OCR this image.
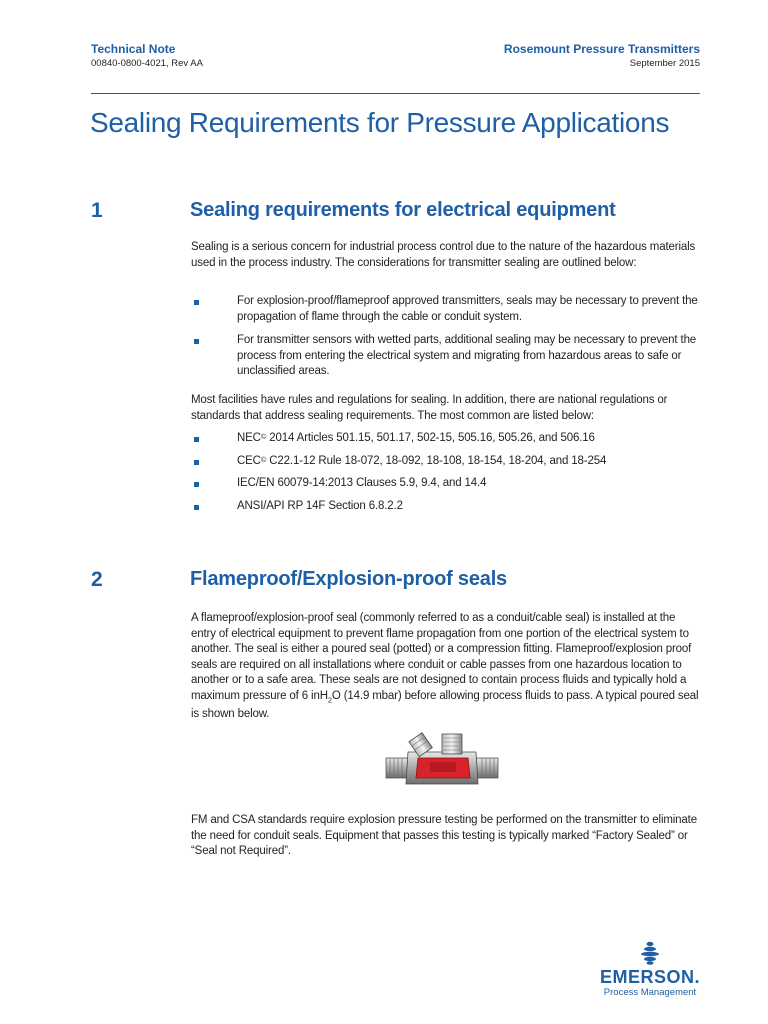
Technical Note
00840-0800-4021, Rev AA
Rosemount Pressure Transmitters
September 2015
Sealing Requirements for Pressure Applications
1	Sealing requirements for electrical equipment
Sealing is a serious concern for industrial process control due to the nature of the hazardous materials used in the process industry. The considerations for transmitter sealing are outlined below:
For explosion-proof/flameproof approved transmitters, seals may be necessary to prevent the propagation of flame through the cable or conduit system.
For transmitter sensors with wetted parts, additional sealing may be necessary to prevent the process from entering the electrical system and migrating from hazardous areas to safe or unclassified areas.
Most facilities have rules and regulations for sealing. In addition, there are national regulations or standards that address sealing requirements. The most common are listed below:
NEC© 2014 Articles 501.15, 501.17, 502-15, 505.16, 505.26, and 506.16
CEC© C22.1-12 Rule 18-072, 18-092, 18-108, 18-154, 18-204, and 18-254
IEC/EN 60079-14:2013 Clauses 5.9, 9.4, and 14.4
ANSI/API RP 14F Section 6.8.2.2
2	Flameproof/Explosion-proof seals
A flameproof/explosion-proof seal (commonly referred to as a conduit/cable seal) is installed at the entry of electrical equipment to prevent flame propagation from one portion of the electrical system to another. The seal is either a poured seal (potted) or a compression fitting. Flameproof/explosion proof seals are required on all installations where conduit or cable passes from one hazardous location to another or to a safe area. These seals are not designed to contain process fluids and typically hold a maximum pressure of 6 inH$_2$O (14.9 mbar) before allowing process fluids to pass. A typical poured seal is shown below.
FM and CSA standards require explosion pressure testing be performed on the transmitter to eliminate the need for conduit seals. Equipment that passes this testing is typically marked “Factory Sealed” or “Seal not Required”.
EMERSON.
Process Management
